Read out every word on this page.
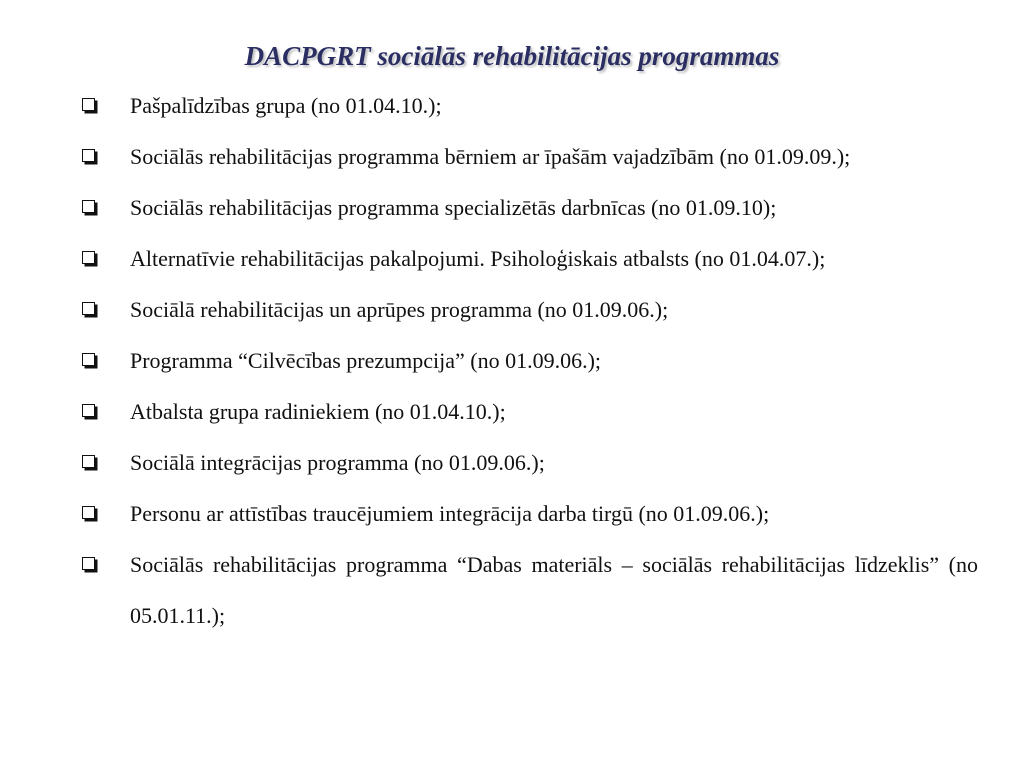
DACPGRT sociālās rehabilitācijas programmas
Pašpalīdzības grupa (no 01.04.10.);
Sociālās rehabilitācijas programma bērniem ar īpašām vajadzībām (no 01.09.09.);
Sociālās rehabilitācijas programma specializētās darbnīcas (no 01.09.10);
Alternatīvie rehabilitācijas pakalpojumi. Psiholoģiskais atbalsts (no 01.04.07.);
Sociālā rehabilitācijas un aprūpes programma (no 01.09.06.);
Programma “Cilvēcības prezumpcija” (no 01.09.06.);
Atbalsta grupa radiniekiem (no 01.04.10.);
Sociālā integrācijas programma (no 01.09.06.);
Personu ar attīstības traucējumiem integrācija darba tirgū (no 01.09.06.);
Sociālās rehabilitācijas programma “Dabas materiāls – sociālās rehabilitācijas līdzeklis” (no 05.01.11.);
